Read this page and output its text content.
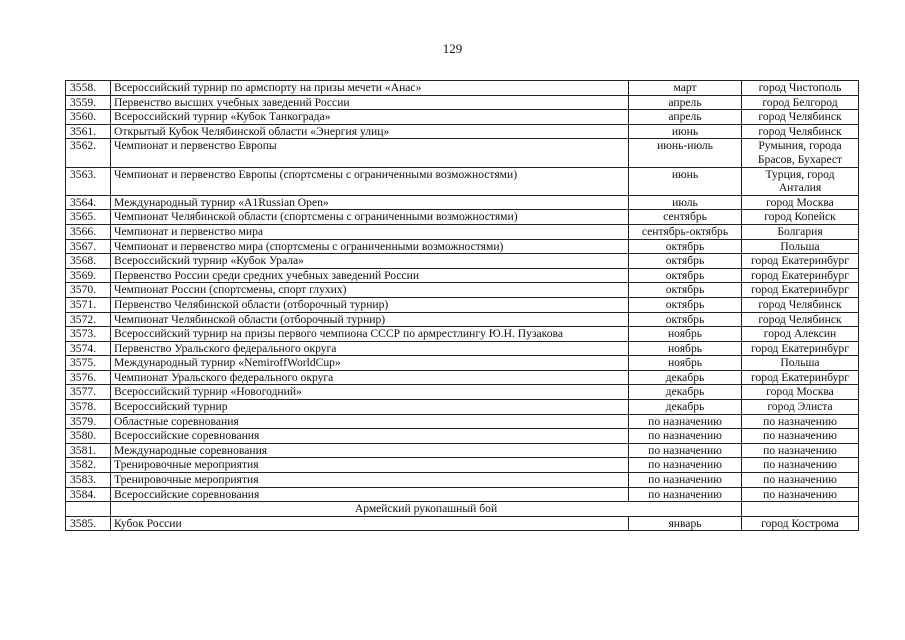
129
3558.	Всероссийский турнир по армспорту на призы мечети «Анас»	март	город Чистополь
3559.	Первенство высших учебных заведений России	апрель	город Белгород
3560.	Всероссийский турнир «Кубок Танкограда»	апрель	город Челябинск
3561.	Открытый Кубок Челябинской области «Энергия улиц»	июнь	город Челябинск
3562.	Чемпионат и первенство Европы	июнь-июль	Румыния, города Брасов, Бухарест
3563.	Чемпионат и первенство Европы (спортсмены с ограниченными возможностями)	июнь	Турция, город Анталия
3564.	Международный турнир «A1Russian Open»	июль	город Москва
3565.	Чемпионат Челябинской области (спортсмены с ограниченными возможностями)	сентябрь	город Копейск
3566.	Чемпионат и первенство мира	сентябрь-октябрь	Болгария
3567.	Чемпионат и первенство мира (спортсмены с ограниченными возможностями)	октябрь	Польша
3568.	Всероссийский турнир «Кубок Урала»	октябрь	город Екатеринбург
3569.	Первенство России среди средних учебных заведений России	октябрь	город Екатеринбург
3570.	Чемпионат России (спортсмены, спорт глухих)	октябрь	город Екатеринбург
3571.	Первенство Челябинской области (отборочный турнир)	октябрь	город Челябинск
3572.	Чемпионат Челябинской области (отборочный турнир)	октябрь	город Челябинск
3573.	Всероссийский турнир на призы первого чемпиона СССР по армрестлингу Ю.Н. Пузакова	ноябрь	город Алексин
3574.	Первенство Уральского федерального округа	ноябрь	город Екатеринбург
3575.	Международный турнир «NemiroffWorldCup»	ноябрь	Польша
3576.	Чемпионат Уральского федерального округа	декабрь	город Екатеринбург
3577.	Всероссийский турнир «Новогодний»	декабрь	город Москва
3578.	Всероссийский турнир	декабрь	город Элиста
3579.	Областные соревнования	по назначению	по назначению
3580.	Всероссийские соревнования	по назначению	по назначению
3581.	Международные соревнования	по назначению	по назначению
3582.	Тренировочные мероприятия	по назначению	по назначению
3583.	Тренировочные мероприятия	по назначению	по назначению
3584.	Всероссийские соревнования	по назначению	по назначению
	Армейский рукопашный бой		
3585.	Кубок России	январь	город Кострома
